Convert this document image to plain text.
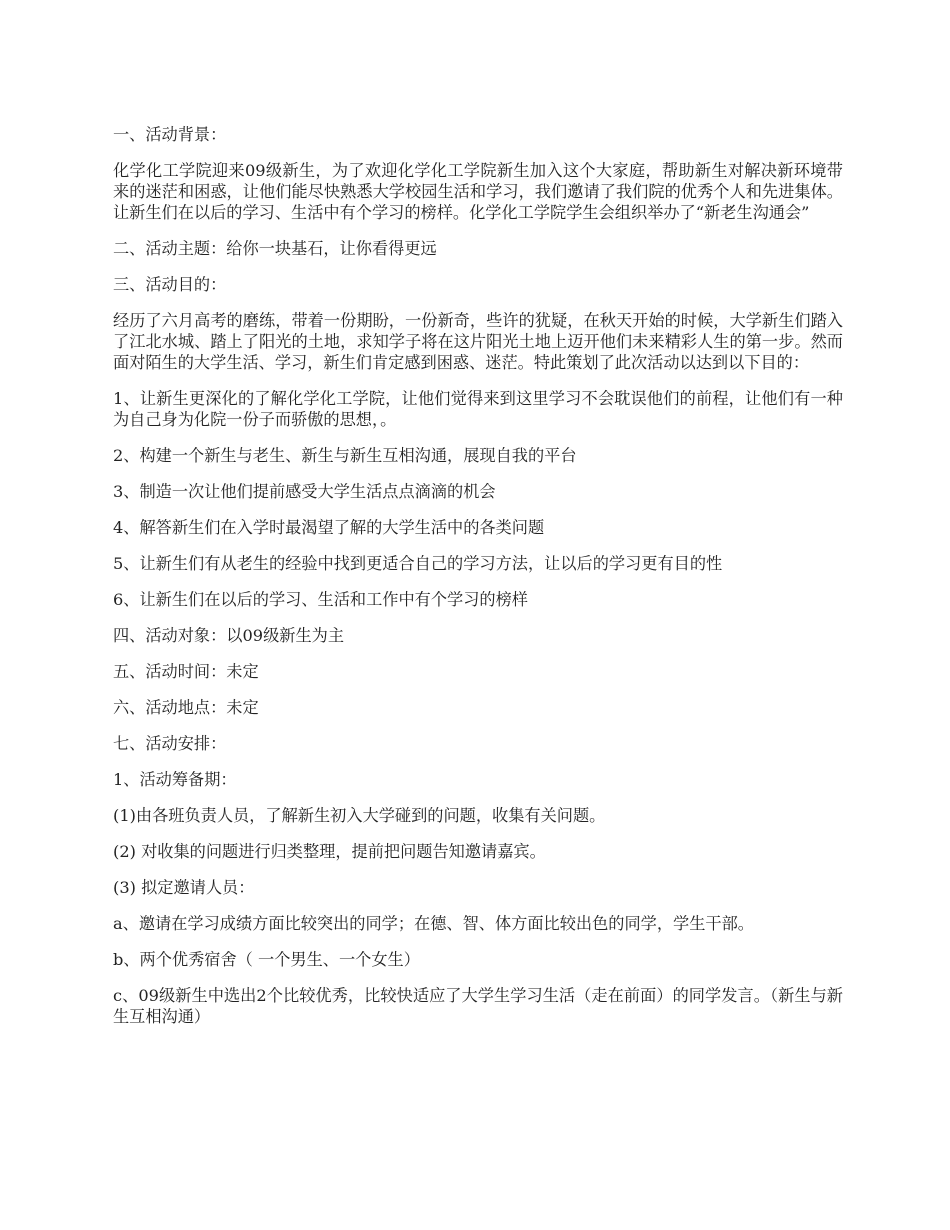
一、活动背景：

化学化工学院迎来09级新生，为了欢迎化学化工学院新生加入这个大家庭，帮助新生对解决新环境带来的迷茫和困惑，让他们能尽快熟悉大学校园生活和学习，我们邀请了我们院的优秀个人和先进集体。让新生们在以后的学习、生活中有个学习的榜样。化学化工学院学生会组织举办了“新老生沟通会”

二、活动主题：给你一块基石，让你看得更远

三、活动目的：

经历了六月高考的磨练，带着一份期盼，一份新奇，些许的犹疑，在秋天开始的时候，大学新生们踏入了江北水城、踏上了阳光的土地，求知学子将在这片阳光土地上迈开他们未来精彩人生的第一步。然而面对陌生的大学生活、学习，新生们肯定感到困惑、迷茫。特此策划了此次活动以达到以下目的：

1、让新生更深化的了解化学化工学院，让他们觉得来到这里学习不会耽误他们的前程，让他们有一种为自己身为化院一份子而骄傲的思想，。

2、构建一个新生与老生、新生与新生互相沟通，展现自我的平台

3、制造一次让他们提前感受大学生活点点滴滴的机会

4、解答新生们在入学时最渴望了解的大学生活中的各类问题

5、让新生们有从老生的经验中找到更适合自己的学习方法，让以后的学习更有目的性

6、让新生们在以后的学习、生活和工作中有个学习的榜样

四、活动对象：以09级新生为主

五、活动时间：未定

六、活动地点：未定

七、活动安排：

1、活动筹备期：

(1)由各班负责人员，了解新生初入大学碰到的问题，收集有关问题。

(2) 对收集的问题进行归类整理，提前把问题告知邀请嘉宾。

(3) 拟定邀请人员：

a、邀请在学习成绩方面比较突出的同学；在德、智、体方面比较出色的同学，学生干部。

b、两个优秀宿舍（ 一个男生、一个女生）

c、09级新生中选出2个比较优秀，比较快适应了大学生学习生活（走在前面）的同学发言。（新生与新生互相沟通）
